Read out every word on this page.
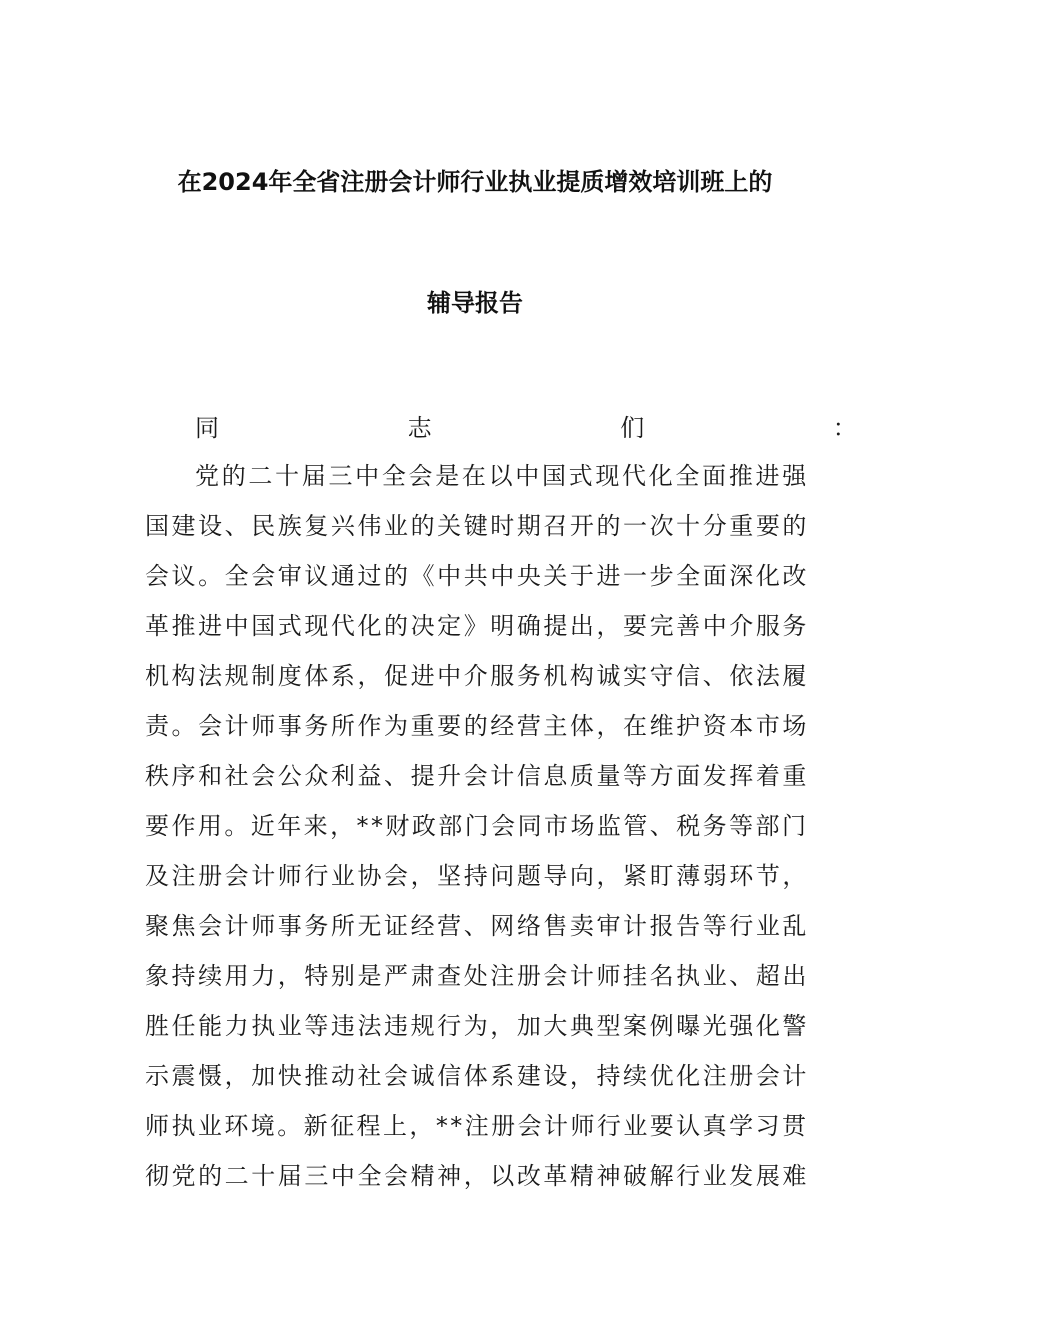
在2024年全省注册会计师行业执业提质增效培训班上的
辅导报告
同志们：
党的二十届三中全会是在以中国式现代化全面推进强
国建设、民族复兴伟业的关键时期召开的一次十分重要的
会议。全会审议通过的《中共中央关于进一步全面深化改
革推进中国式现代化的决定》明确提出，要完善中介服务
机构法规制度体系，促进中介服务机构诚实守信、依法履
责。会计师事务所作为重要的经营主体，在维护资本市场
秩序和社会公众利益、提升会计信息质量等方面发挥着重
要作用。近年来，**财政部门会同市场监管、税务等部门
及注册会计师行业协会，坚持问题导向，紧盯薄弱环节，
聚焦会计师事务所无证经营、网络售卖审计报告等行业乱
象持续用力，特别是严肃查处注册会计师挂名执业、超出
胜任能力执业等违法违规行为，加大典型案例曝光强化警
示震慑，加快推动社会诚信体系建设，持续优化注册会计
师执业环境。新征程上，**注册会计师行业要认真学习贯
彻党的二十届三中全会精神，以改革精神破解行业发展难
